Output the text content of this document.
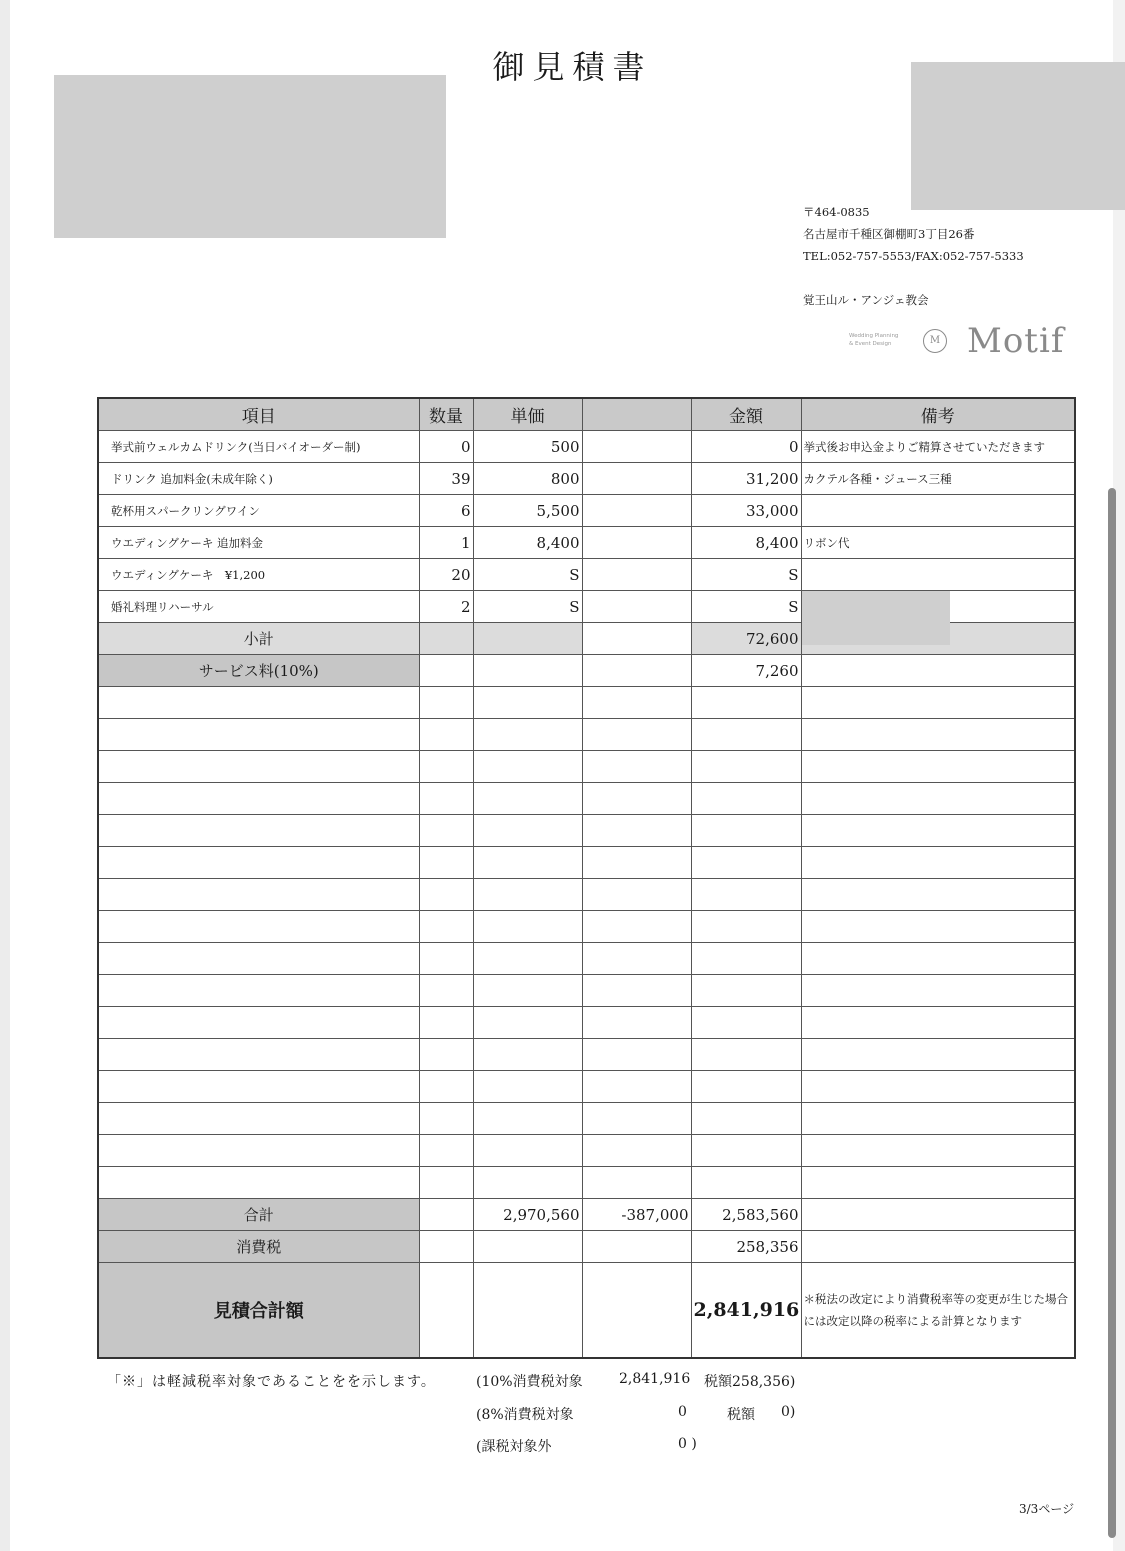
御見積書
〒464-0835
名古屋市千種区御棚町3丁目26番
TEL:052-757-5553/FAX:052-757-5333
覚王山ル・アンジェ教会
Wedding Planning
& Event Design	M Motif
項目	数量	単価		金額	備考
挙式前ウェルカムドリンク(当日バイオーダー制)	0	500		0	挙式後お申込金よりご精算させていただきます
ドリンク 追加料金(未成年除く)	39	800		31,200	カクテル各種・ジュース三種
乾杯用スパークリングワイン	6	5,500		33,000	
ウエディングケーキ 追加料金	1	8,400		8,400	リボン代
ウエディングケーキ　¥1,200	20	S		S	
婚礼料理リハーサル	2	S		S	

小計				72,600	
サービス料(10%)				7,260	

合計		2,970,560	-387,000	2,583,560	
消費税				258,356	
見積合計額				2,841,916	＊税法の改定により消費税率等の変更が生じた場合には改定以降の税率による計算となります
「※」は軽減税率対象であることをを示します。	(10%消費税対象	2,841,916 税額258,356)
(8%消費税対象	0	税額 0)
(課税対象外	0 )
3/3ページ
